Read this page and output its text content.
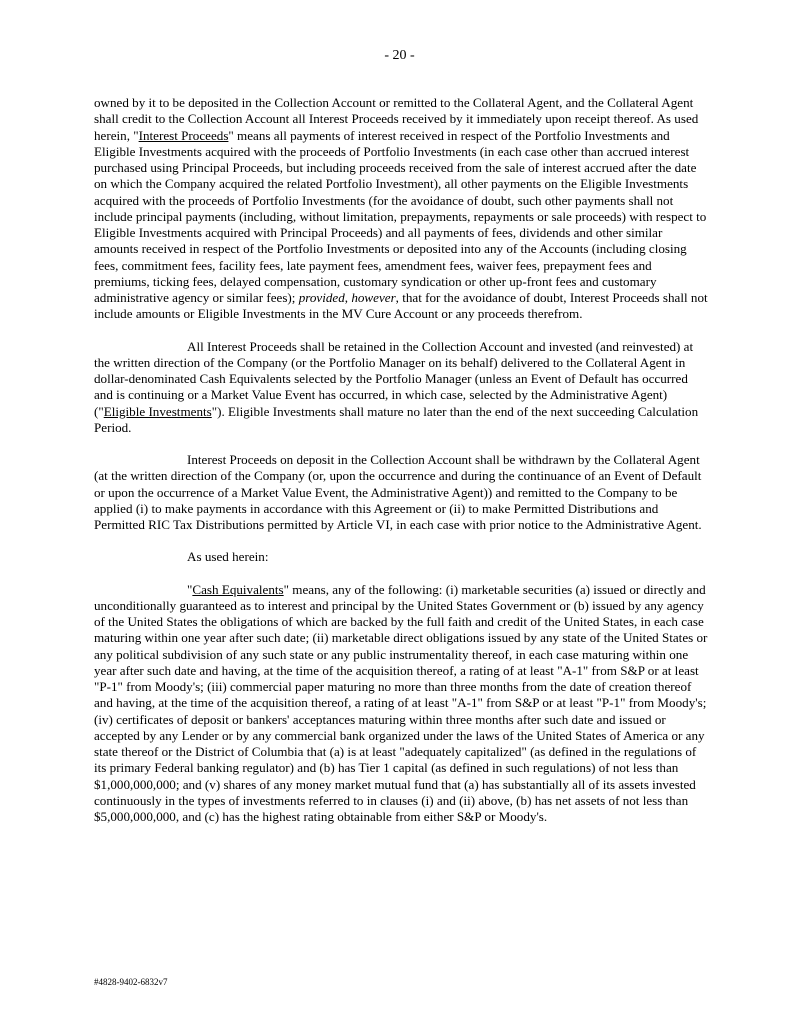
- 20 -

owned by it to be deposited in the Collection Account or remitted to the Collateral Agent, and the Collateral Agent shall credit to the Collection Account all Interest Proceeds received by it immediately upon receipt thereof. As used herein, "Interest Proceeds" means all payments of interest received in respect of the Portfolio Investments and Eligible Investments acquired with the proceeds of Portfolio Investments (in each case other than accrued interest purchased using Principal Proceeds, but including proceeds received from the sale of interest accrued after the date on which the Company acquired the related Portfolio Investment), all other payments on the Eligible Investments acquired with the proceeds of Portfolio Investments (for the avoidance of doubt, such other payments shall not include principal payments (including, without limitation, prepayments, repayments or sale proceeds) with respect to Eligible Investments acquired with Principal Proceeds) and all payments of fees, dividends and other similar amounts received in respect of the Portfolio Investments or deposited into any of the Accounts (including closing fees, commitment fees, facility fees, late payment fees, amendment fees, waiver fees, prepayment fees and premiums, ticking fees, delayed compensation, customary syndication or other up-front fees and customary administrative agency or similar fees); provided, however, that for the avoidance of doubt, Interest Proceeds shall not include amounts or Eligible Investments in the MV Cure Account or any proceeds therefrom.

All Interest Proceeds shall be retained in the Collection Account and invested (and reinvested) at the written direction of the Company (or the Portfolio Manager on its behalf) delivered to the Collateral Agent in dollar-denominated Cash Equivalents selected by the Portfolio Manager (unless an Event of Default has occurred and is continuing or a Market Value Event has occurred, in which case, selected by the Administrative Agent) ("Eligible Investments"). Eligible Investments shall mature no later than the end of the next succeeding Calculation Period.

Interest Proceeds on deposit in the Collection Account shall be withdrawn by the Collateral Agent (at the written direction of the Company (or, upon the occurrence and during the continuance of an Event of Default or upon the occurrence of a Market Value Event, the Administrative Agent)) and remitted to the Company to be applied (i) to make payments in accordance with this Agreement or (ii) to make Permitted Distributions and Permitted RIC Tax Distributions permitted by Article VI, in each case with prior notice to the Administrative Agent.

As used herein:

"Cash Equivalents" means, any of the following: (i) marketable securities (a) issued or directly and unconditionally guaranteed as to interest and principal by the United States Government or (b) issued by any agency of the United States the obligations of which are backed by the full faith and credit of the United States, in each case maturing within one year after such date; (ii) marketable direct obligations issued by any state of the United States or any political subdivision of any such state or any public instrumentality thereof, in each case maturing within one year after such date and having, at the time of the acquisition thereof, a rating of at least "A-1" from S&P or at least "P-1" from Moody's; (iii) commercial paper maturing no more than three months from the date of creation thereof and having, at the time of the acquisition thereof, a rating of at least "A-1" from S&P or at least "P-1" from Moody's; (iv) certificates of deposit or bankers' acceptances maturing within three months after such date and issued or accepted by any Lender or by any commercial bank organized under the laws of the United States of America or any state thereof or the District of Columbia that (a) is at least "adequately capitalized" (as defined in the regulations of its primary Federal banking regulator) and (b) has Tier 1 capital (as defined in such regulations) of not less than $1,000,000,000; and (v) shares of any money market mutual fund that (a) has substantially all of its assets invested continuously in the types of investments referred to in clauses (i) and (ii) above, (b) has net assets of not less than $5,000,000,000, and (c) has the highest rating obtainable from either S&P or Moody's.

#4828-9402-6832v7
